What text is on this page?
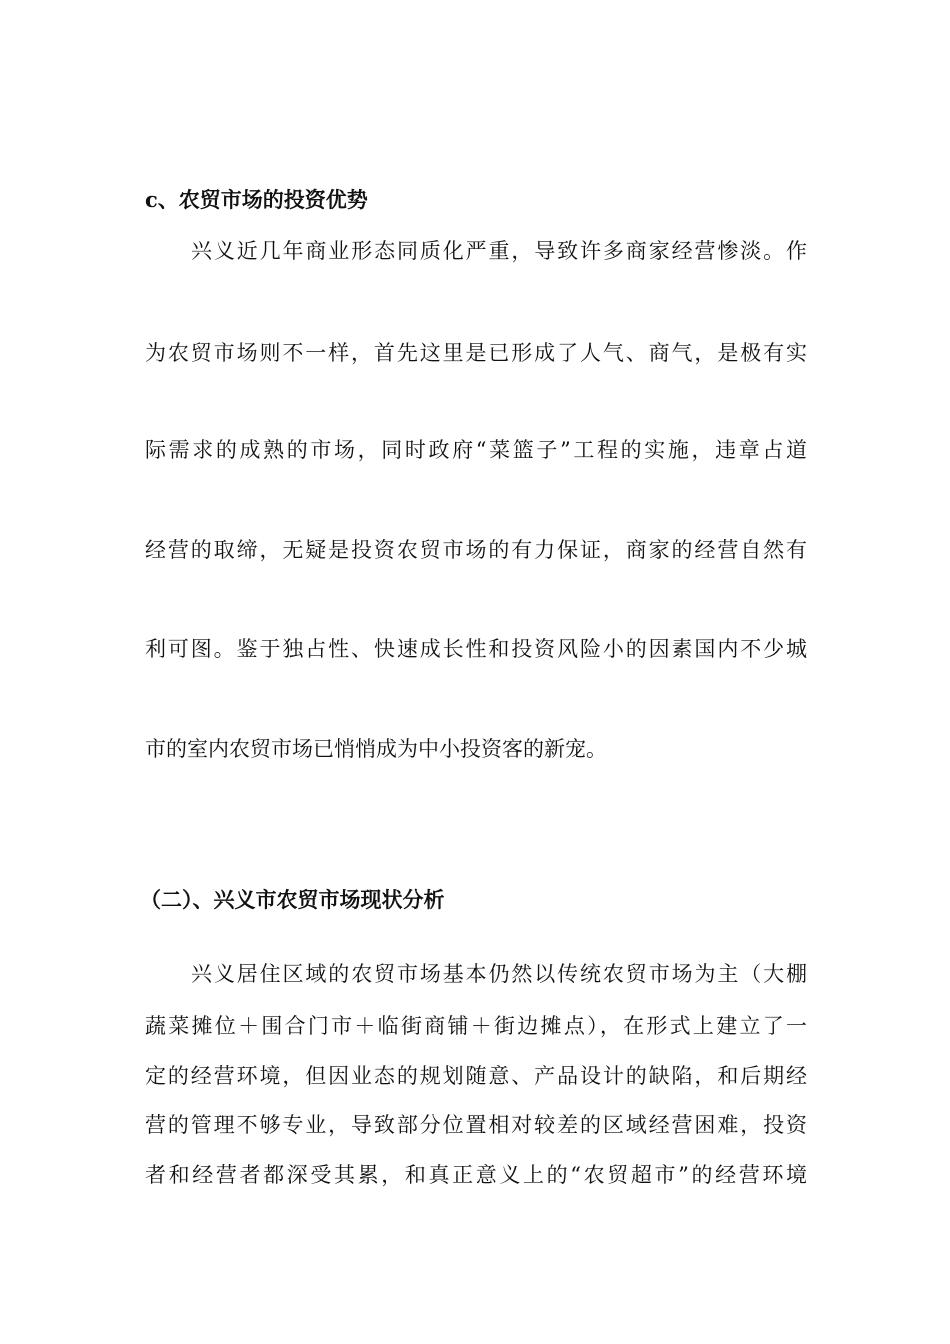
c、农贸市场的投资优势
兴义近几年商业形态同质化严重，导致许多商家经营惨淡。作
为农贸市场则不一样，首先这里是已形成了人气、商气，是极有实
际需求的成熟的市场，同时政府“菜篮子”工程的实施，违章占道
经营的取缔，无疑是投资农贸市场的有力保证，商家的经营自然有
利可图。鉴于独占性、快速成长性和投资风险小的因素国内不少城
市的室内农贸市场已悄悄成为中小投资客的新宠。
（二）、兴义市农贸市场现状分析
兴义居住区域的农贸市场基本仍然以传统农贸市场为主（大棚
蔬菜摊位＋围合门市＋临街商铺＋街边摊点），在形式上建立了一
定的经营环境，但因业态的规划随意、产品设计的缺陷，和后期经
营的管理不够专业，导致部分位置相对较差的区域经营困难，投资
者和经营者都深受其累，和真正意义上的“农贸超市”的经营环境
